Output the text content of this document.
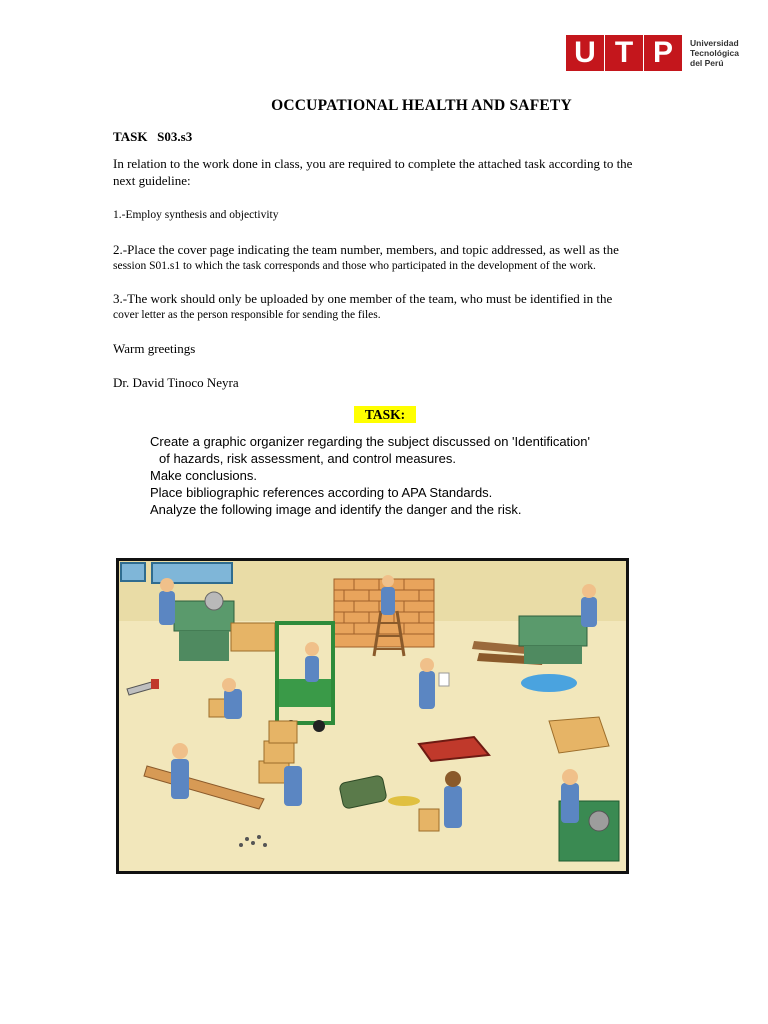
U T P	Universidad
Tecnológica
del Perú
OCCUPATIONAL HEALTH AND SAFETY
TASK   S03.s3
In relation to the work done in class, you are required to complete the attached task according to the
next guideline:
1.-Employ synthesis and objectivity
2.-Place the cover page indicating the team number, members, and topic addressed, as well as the
session S01.s1 to which the task corresponds and those who participated in the development of the work.
3.-The work should only be uploaded by one member of the team, who must be identified in the
cover letter as the person responsible for sending the files.
Warm greetings
Dr. David Tinoco Neyra
TASK:
Create a graphic organizer regarding the subject discussed on 'Identification'
of hazards, risk assessment, and control measures.
Make conclusions.
Place bibliographic references according to APA Standards.
Analyze the following image and identify the danger and the risk.
